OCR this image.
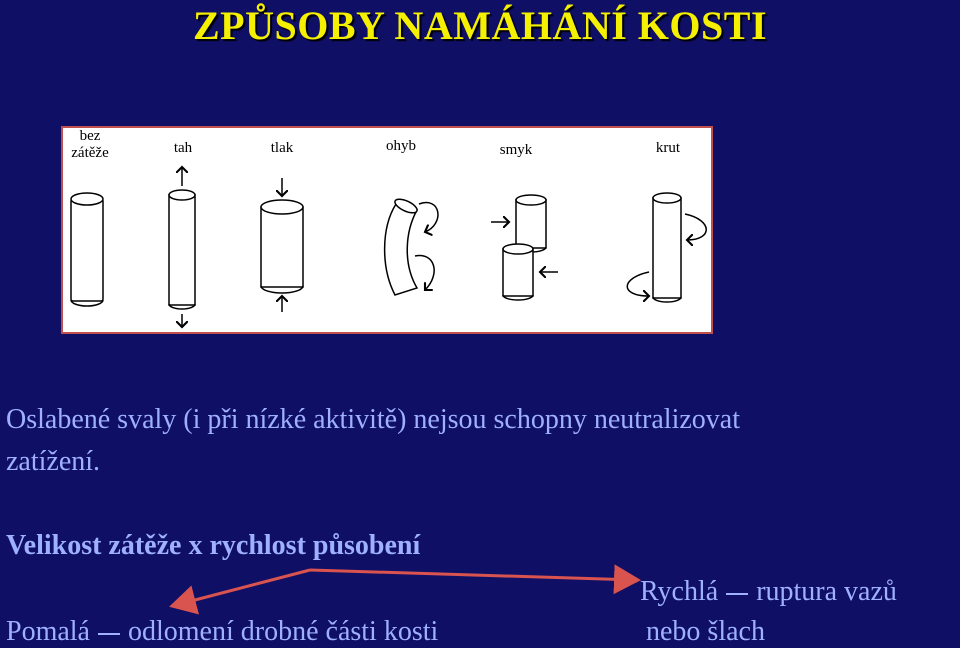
ZPŮSOBY NAMÁHÁNÍ KOSTI
bez
zátěže	tah	tlak	ohyb	smyk	krut
Oslabené svaly (i při nízké aktivitě) nejsou schopny neutralizovat
zatížení.
Velikost zátěže x rychlost působení
Rychlá ruptura vazů
nebo šlach
Pomalá odlomení drobné části kosti
